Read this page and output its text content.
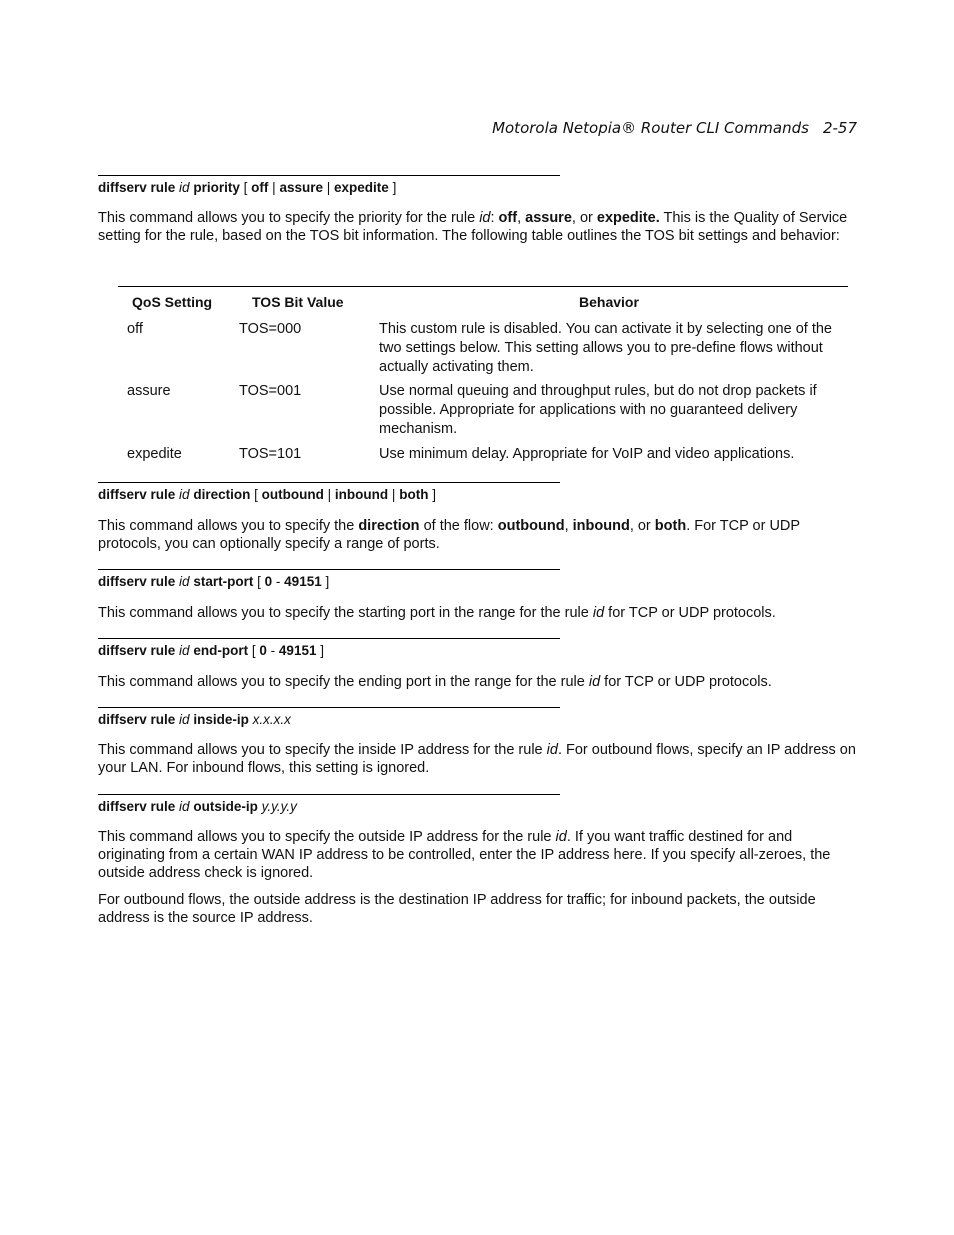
Motorola Netopia® Router CLI Commands 2-57
diffserv rule id priority [ off | assure | expedite ]
This command allows you to specify the priority for the rule id: off, assure, or expedite. This is the Quality of Service setting for the rule, based on the TOS bit information. The following table outlines the TOS bit settings and behavior:
QoS Setting	TOS Bit Value	Behavior
off	TOS=000	This custom rule is disabled. You can activate it by selecting one of the two settings below. This setting allows you to pre-define flows without actually activating them.
assure	TOS=001	Use normal queuing and throughput rules, but do not drop packets if possible. Appropriate for applications with no guaranteed delivery mechanism.
expedite	TOS=101	Use minimum delay. Appropriate for VoIP and video applications.
diffserv rule id direction [ outbound | inbound | both ]
This command allows you to specify the direction of the flow: outbound, inbound, or both. For TCP or UDP protocols, you can optionally specify a range of ports.
diffserv rule id start-port [ 0 - 49151 ]
This command allows you to specify the starting port in the range for the rule id for TCP or UDP protocols.
diffserv rule id end-port [ 0 - 49151 ]
This command allows you to specify the ending port in the range for the rule id for TCP or UDP protocols.
diffserv rule id inside-ip x.x.x.x
This command allows you to specify the inside IP address for the rule id. For outbound flows, specify an IP address on your LAN. For inbound flows, this setting is ignored.
diffserv rule id outside-ip y.y.y.y
This command allows you to specify the outside IP address for the rule id. If you want traffic destined for and originating from a certain WAN IP address to be controlled, enter the IP address here. If you specify all-zeroes, the outside address check is ignored.
For outbound flows, the outside address is the destination IP address for traffic; for inbound packets, the outside address is the source IP address.
